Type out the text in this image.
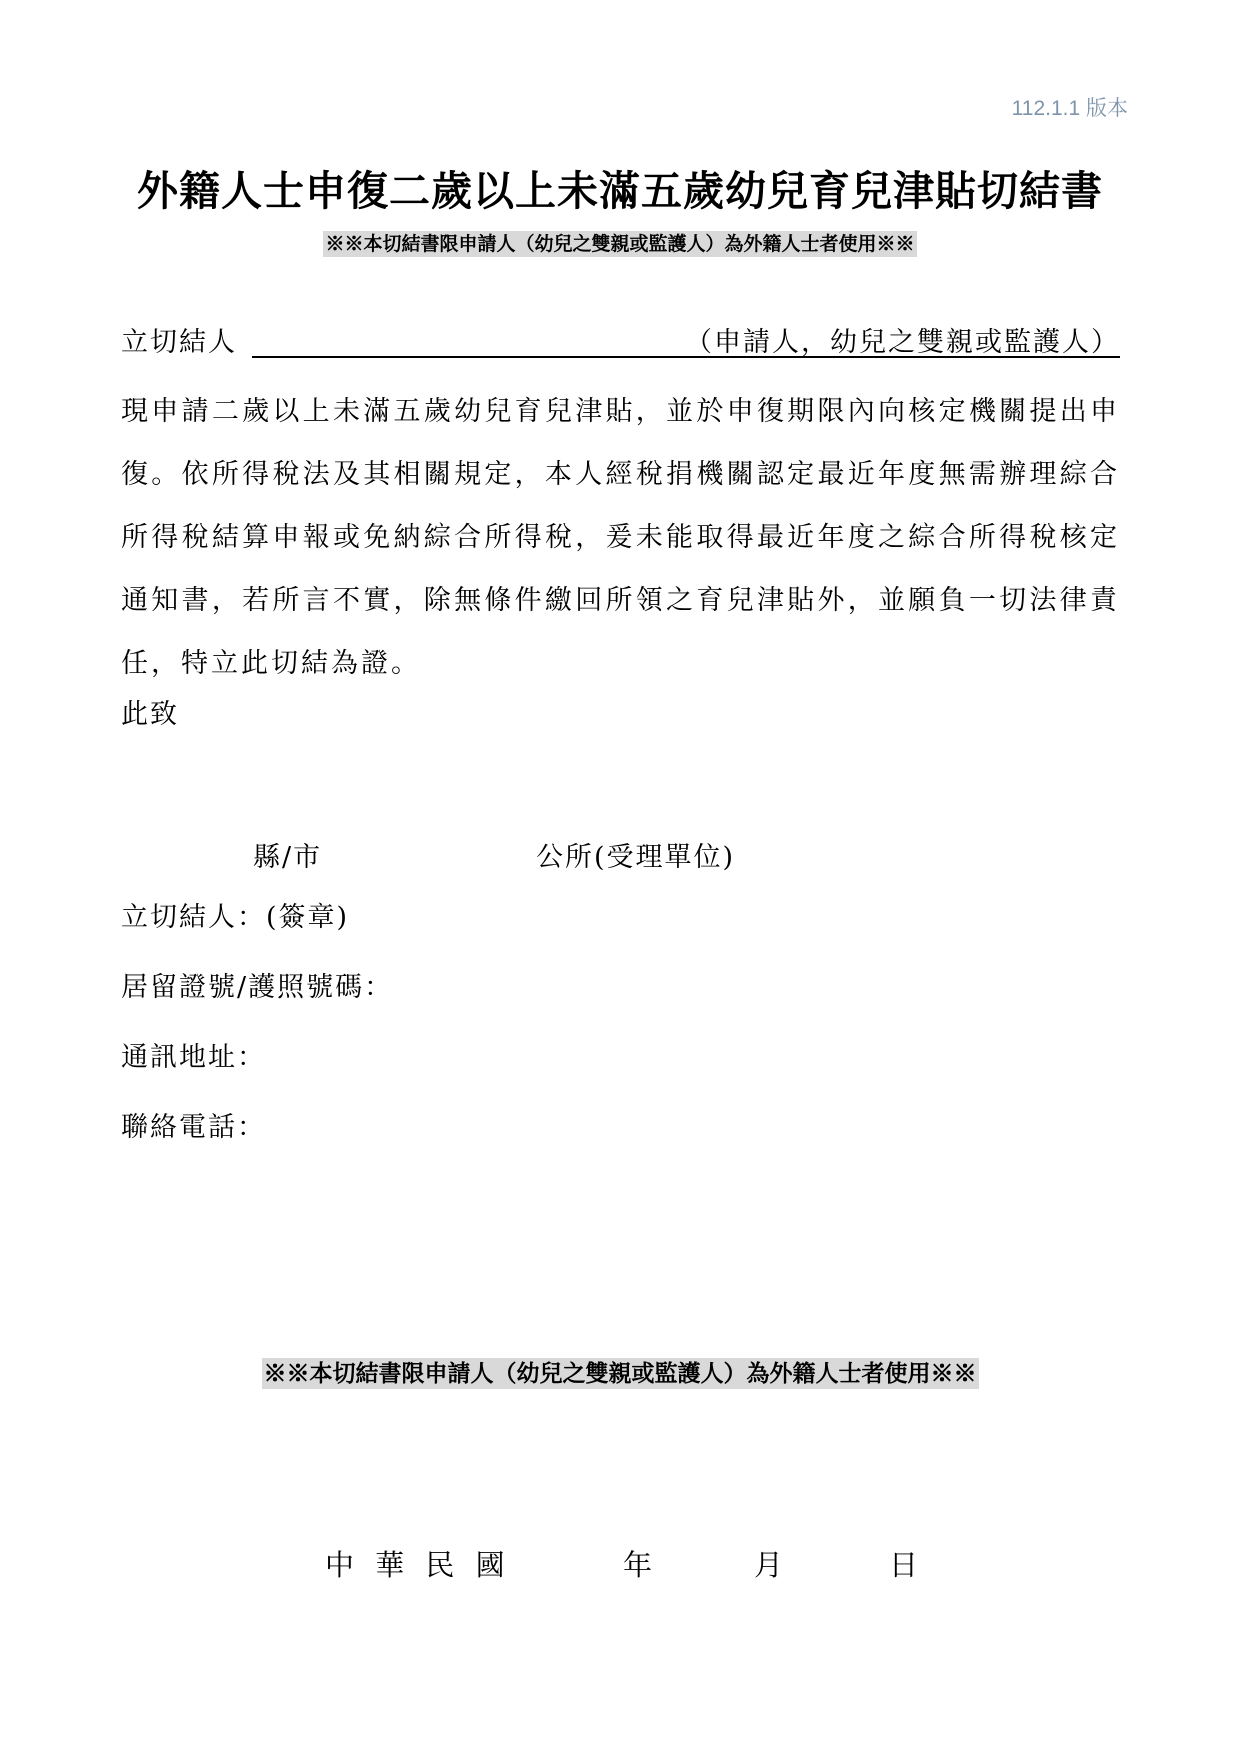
112.1.1 版本
外籍人士申復二歲以上未滿五歲幼兒育兒津貼切結書
※※本切結書限申請人（幼兒之雙親或監護人）為外籍人士者使用※※
立切結人	（申請人，幼兒之雙親或監護人）
現申請二歲以上未滿五歲幼兒育兒津貼，並於申復期限內向核定機關提出申復。依所得稅法及其相關規定，本人經稅捐機關認定最近年度無需辦理綜合所得稅結算申報或免納綜合所得稅，爰未能取得最近年度之綜合所得稅核定通知書，若所言不實，除無條件繳回所領之育兒津貼外，並願負一切法律責任，特立此切結為證。
此致
縣/市	公所(受理單位)
立切結人：(簽章)
居留證號/護照號碼：
通訊地址：
聯絡電話：
※※本切結書限申請人（幼兒之雙親或監護人）為外籍人士者使用※※
中 華 民 國	年	月	日
